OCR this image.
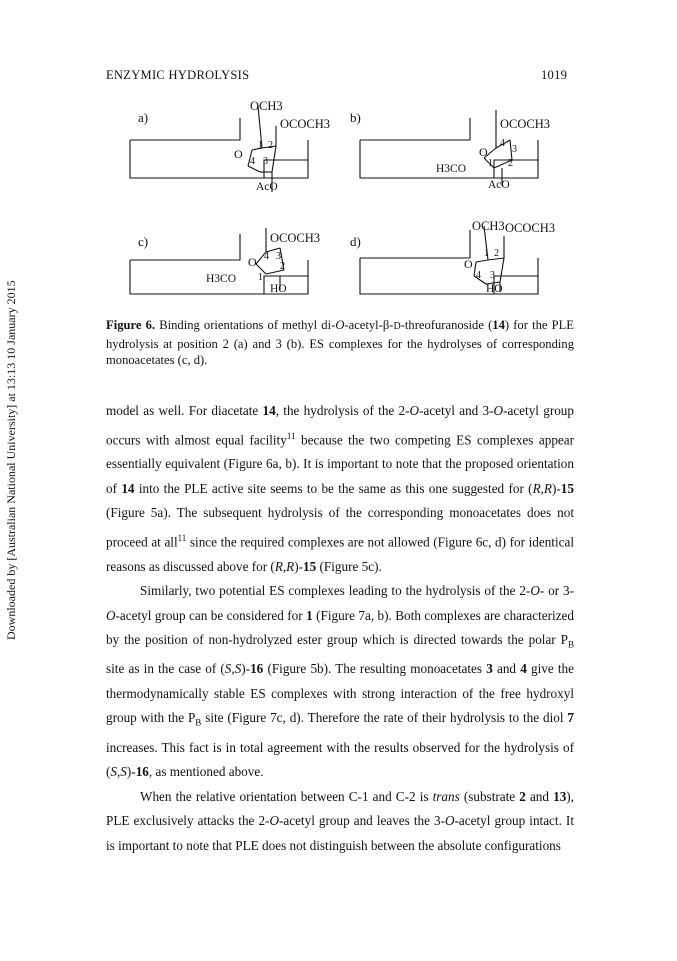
ENZYMIC HYDROLYSIS	1019
Downloaded by [Australian National University] at 13:13 10 January 2015
a)
OCH3
OCOCH3
1 2
O
4 3
AcO
b)	OCOCH3
4
3
O
H3CO 1 2
AcO
c)	OCOCH3
4 3
O 2
H3CO 1
HO
d)
OCH3 OCOCH3
1 2
O
4 3
HO
Figure 6. Binding orientations of methyl di-O-acetyl-β-D-threofuranoside (14) for the PLE hydrolysis at position 2 (a) and 3 (b). ES complexes for the hydrolyses of corresponding monoacetates (c, d).

model as well. For diacetate 14, the hydrolysis of the 2-O-acetyl and 3-O-acetyl group occurs with almost equal facility$^{11}$ because the two competing ES complexes appear essentially equivalent (Figure 6a, b). It is important to note that the proposed orientation of 14 into the PLE active site seems to be the same as this one suggested for (R,R)-15 (Figure 5a). The subsequent hydrolysis of the corresponding monoacetates does not proceed at all$^{11}$ since the required complexes are not allowed (Figure 6c, d) for identical reasons as discussed above for (R,R)-15 (Figure 5c).

Similarly, two potential ES complexes leading to the hydrolysis of the 2-O- or 3-O-acetyl group can be considered for 1 (Figure 7a, b). Both complexes are characterized by the position of non-hydrolyzed ester group which is directed towards the polar $P_B$ site as in the case of (S,S)-16 (Figure 5b). The resulting monoacetates 3 and 4 give the thermodynamically stable ES complexes with strong interaction of the free hydroxyl group with the $P_B$ site (Figure 7c, d). Therefore the rate of their hydrolysis to the diol 7 increases. This fact is in total agreement with the results observed for the hydrolysis of (S,S)-16, as mentioned above.

When the relative orientation between C-1 and C-2 is trans (substrate 2 and 13), PLE exclusively attacks the 2-O-acetyl group and leaves the 3-O-acetyl group intact. It is important to note that PLE does not distinguish between the absolute configurations
